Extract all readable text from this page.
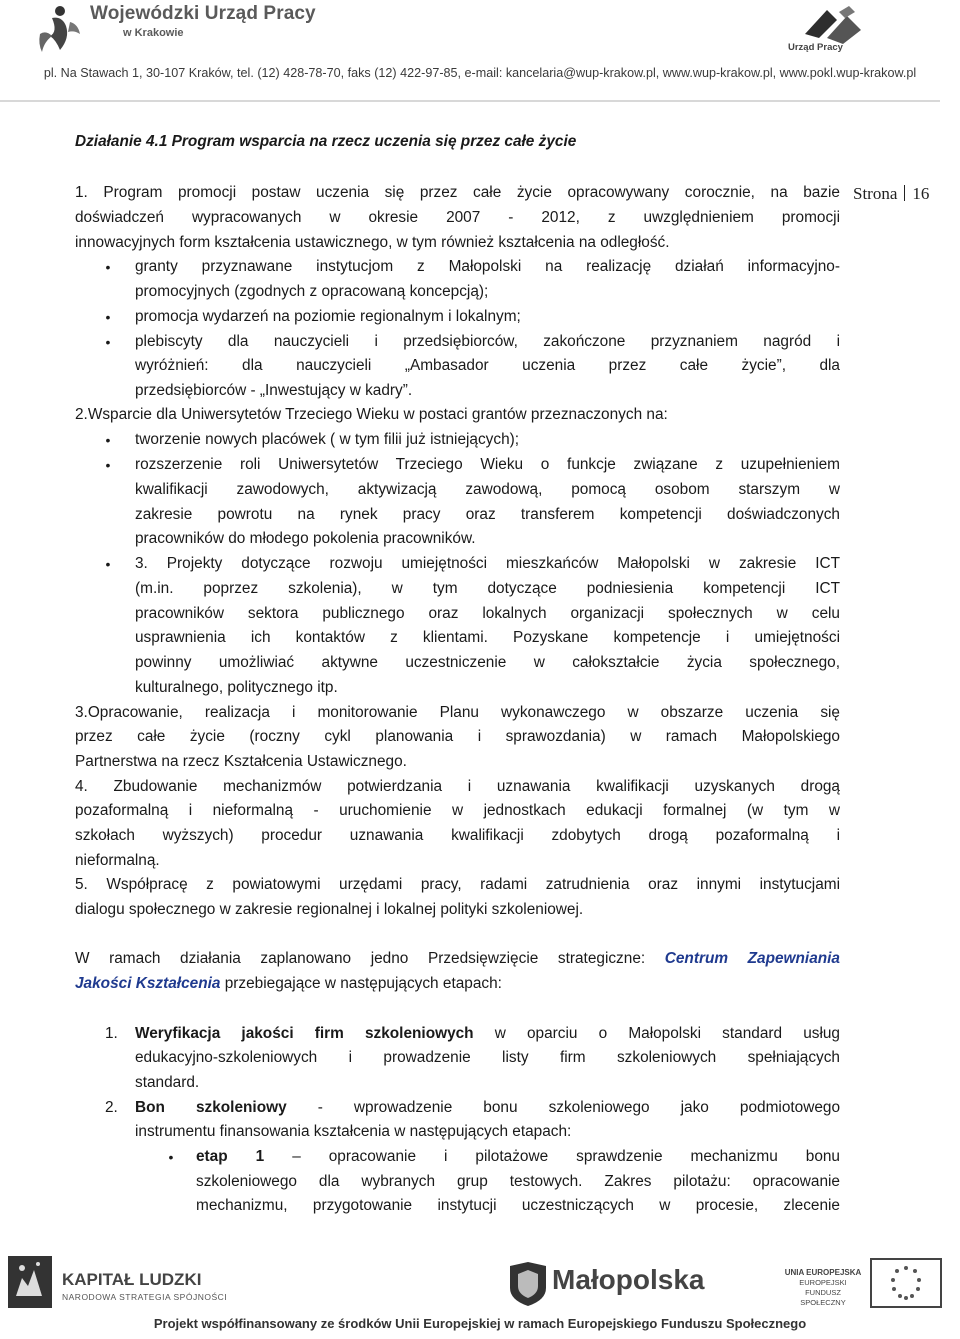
Wojewódzki Urząd Pracy
w Krakowie
Urząd Pracy
pl. Na Stawach 1, 30-107 Kraków, tel. (12) 428-78-70, faks (12) 422-97-85, e-mail: kancelaria@wup-krakow.pl, www.wup-krakow.pl, www.pokl.wup-krakow.pl
Strona 16
Działanie 4.1 Program wsparcia na rzecz uczenia się przez całe życie
1. Program promocji postaw uczenia się przez całe życie opracowywany corocznie, na bazie
doświadczeń wypracowanych w okresie 2007 - 2012, z uwzględnieniem promocji
innowacyjnych form kształcenia ustawicznego, w tym również kształcenia na odległość.
• granty przyznawane instytucjom z Małopolski na realizację działań informacyjno-
promocyjnych (zgodnych z opracowaną koncepcją);
• promocja wydarzeń na poziomie regionalnym i lokalnym;
• plebiscyty dla nauczycieli i przedsiębiorców, zakończone przyznaniem nagród i
wyróżnień: dla nauczycieli „Ambasador uczenia przez całe życie”, dla
przedsiębiorców - „Inwestujący w kadry”.
2.Wsparcie dla Uniwersytetów Trzeciego Wieku w postaci grantów przeznaczonych na:
• tworzenie nowych placówek ( w tym filii już istniejących);
• rozszerzenie roli Uniwersytetów Trzeciego Wieku o funkcje związane z uzupełnieniem
kwalifikacji zawodowych, aktywizacją zawodową, pomocą osobom starszym w
zakresie powrotu na rynek pracy oraz transferem kompetencji doświadczonych
pracowników do młodego pokolenia pracowników.
• 3. Projekty dotyczące rozwoju umiejętności mieszkańców Małopolski w zakresie ICT
(m.in. poprzez szkolenia), w tym dotyczące podniesienia kompetencji ICT
pracowników sektora publicznego oraz lokalnych organizacji społecznych w celu
usprawnienia ich kontaktów z klientami. Pozyskane kompetencje i umiejętności
powinny umożliwiać aktywne uczestniczenie w całokształcie życia społecznego,
kulturalnego, politycznego itp.
3.Opracowanie, realizacja i monitorowanie Planu wykonawczego w obszarze uczenia się
przez całe życie (roczny cykl planowania i sprawozdania) w ramach Małopolskiego
Partnerstwa na rzecz Kształcenia Ustawicznego.
4. Zbudowanie mechanizmów potwierdzania i uznawania kwalifikacji uzyskanych drogą
pozaformalną i nieformalną - uruchomienie w jednostkach edukacji formalnej (w tym w
szkołach wyższych) procedur uznawania kwalifikacji zdobytych drogą pozaformalną i
nieformalną.
5. Współpracę z powiatowymi urzędami pracy, radami zatrudnienia oraz innymi instytucjami
dialogu społecznego w zakresie regionalnej i lokalnej polityki szkoleniowej.
W ramach działania zaplanowano jedno Przedsięwzięcie strategiczne: Centrum Zapewniania
Jakości Kształcenia przebiegające w następujących etapach:
1. Weryfikacja jakości firm szkoleniowych w oparciu o Małopolski standard usług
edukacyjno-szkoleniowych i prowadzenie listy firm szkoleniowych spełniających
standard.
2. Bon szkoleniowy - wprowadzenie bonu szkoleniowego jako podmiotowego
instrumentu finansowania kształcenia w następujących etapach:
• etap 1 – opracowanie i pilotażowe sprawdzenie mechanizmu bonu
szkoleniowego dla wybranych grup testowych. Zakres pilotażu: opracowanie
mechanizmu, przygotowanie instytucji uczestniczących w procesie, zlecenie
KAPITAŁ LUDZKI
NARODOWA STRATEGIA SPÓJNOŚCI
Małopolska	UNIA EUROPEJSKA
EUROPEJSKI
FUNDUSZ SPOŁECZNY
Projekt współfinansowany ze środków Unii Europejskiej w ramach Europejskiego Funduszu Społecznego
